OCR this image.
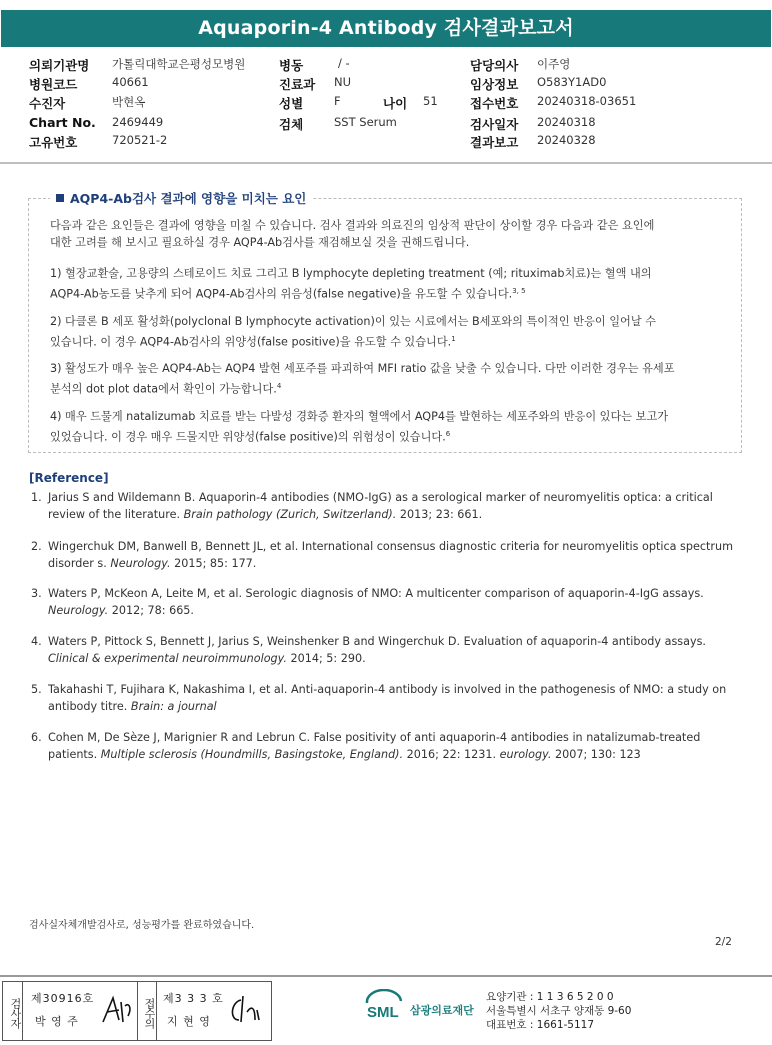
Aquaporin-4 Antibody 검사결과보고서
의뢰기관명 가톨릭대학교은평성모병원	병동	/ -	담당의사 이주영
병원코드	40661	진료과 NU	임상정보 O583Y1AD0
수진자	박현옥	성별	F	나이 51	접수번호 20240318-03651
Chart No. 2469449	검체	SST Serum	검사일자 20240318
고유번호	720521-2	결과보고 20240328
AQP4-Ab검사 결과에 영향을 미치는 요인
다음과 같은 요인들은 결과에 영향을 미칠 수 있습니다. 검사 결과와 의료진의 임상적 판단이 상이할 경우 다음과 같은 요인에
대한 고려를 해 보시고 필요하실 경우 AQP4-Ab검사를 재검해보실 것을 권해드립니다.
1) 혈장교환술, 고용량의 스테로이드 치료 그리고 B lymphocyte depleting treatment (예; rituximab치료)는 혈액 내의
AQP4-Ab농도를 낮추게 되어 AQP4-Ab검사의 위음성(false negative)을 유도할 수 있습니다.$^{3, 5}$
2) 다클론 B 세포 활성화(polyclonal B lymphocyte activation)이 있는 시료에서는 B세포와의 특이적인 반응이 일어날 수
있습니다. 이 경우 AQP4-Ab검사의 위양성(false positive)을 유도할 수 있습니다.$^1$
3) 활성도가 매우 높은 AQP4-Ab는 AQP4 발현 세포주를 파괴하여 MFI ratio 값을 낮출 수 있습니다. 다만 이러한 경우는 유세포
분석의 dot plot data에서 확인이 가능합니다.$^4$
4) 매우 드물게 natalizumab 치료를 받는 다발성 경화증 환자의 혈액에서 AQP4를 발현하는 세포주와의 반응이 있다는 보고가
있었습니다. 이 경우 매우 드물지만 위양성(false positive)의 위험성이 있습니다.$^6$
[Reference]
1. Jarius S and Wildemann B. Aquaporin-4 antibodies (NMO-IgG) as a serological marker of neuromyelitis optica: a critical review of the literature. Brain pathology (Zurich, Switzerland). 2013; 23: 661.
2. Wingerchuk DM, Banwell B, Bennett JL, et al. International consensus diagnostic criteria for neuromyelitis optica spectrum disorder s. Neurology. 2015; 85: 177.
3. Waters P, McKeon A, Leite M, et al. Serologic diagnosis of NMO: A multicenter comparison of aquaporin-4-IgG assays. Neurology. 2012; 78: 665.
4. Waters P, Pittock S, Bennett J, Jarius S, Weinshenker B and Wingerchuk D. Evaluation of aquaporin-4 antibody assays. Clinical & experimental neuroimmunology. 2014; 5: 290.
5. Takahashi T, Fujihara K, Nakashima I, et al. Anti-aquaporin-4 antibody is involved in the pathogenesis of NMO: a study on antibody titre. Brain: a journal
6. Cohen M, De Sèze J, Marignier R and Lebrun C. False positivity of anti aquaporin-4 antibodies in natalizumab-treated patients. Multiple sclerosis (Houndmills, Basingstoke, England). 2016; 22: 1231. eurology. 2007; 130: 123
검사실자체개발검사로, 성능평가를 완료하였습니다.
2/2
검사자 제30916호
박 영 주	접수의 제3 3 3 호
지 현 영
SML 삼광의료재단
요양기관 : 1 1 3 6 5 2 0 0
서울특별시 서초구 양재동 9-60
대표번호 : 1661-5117
